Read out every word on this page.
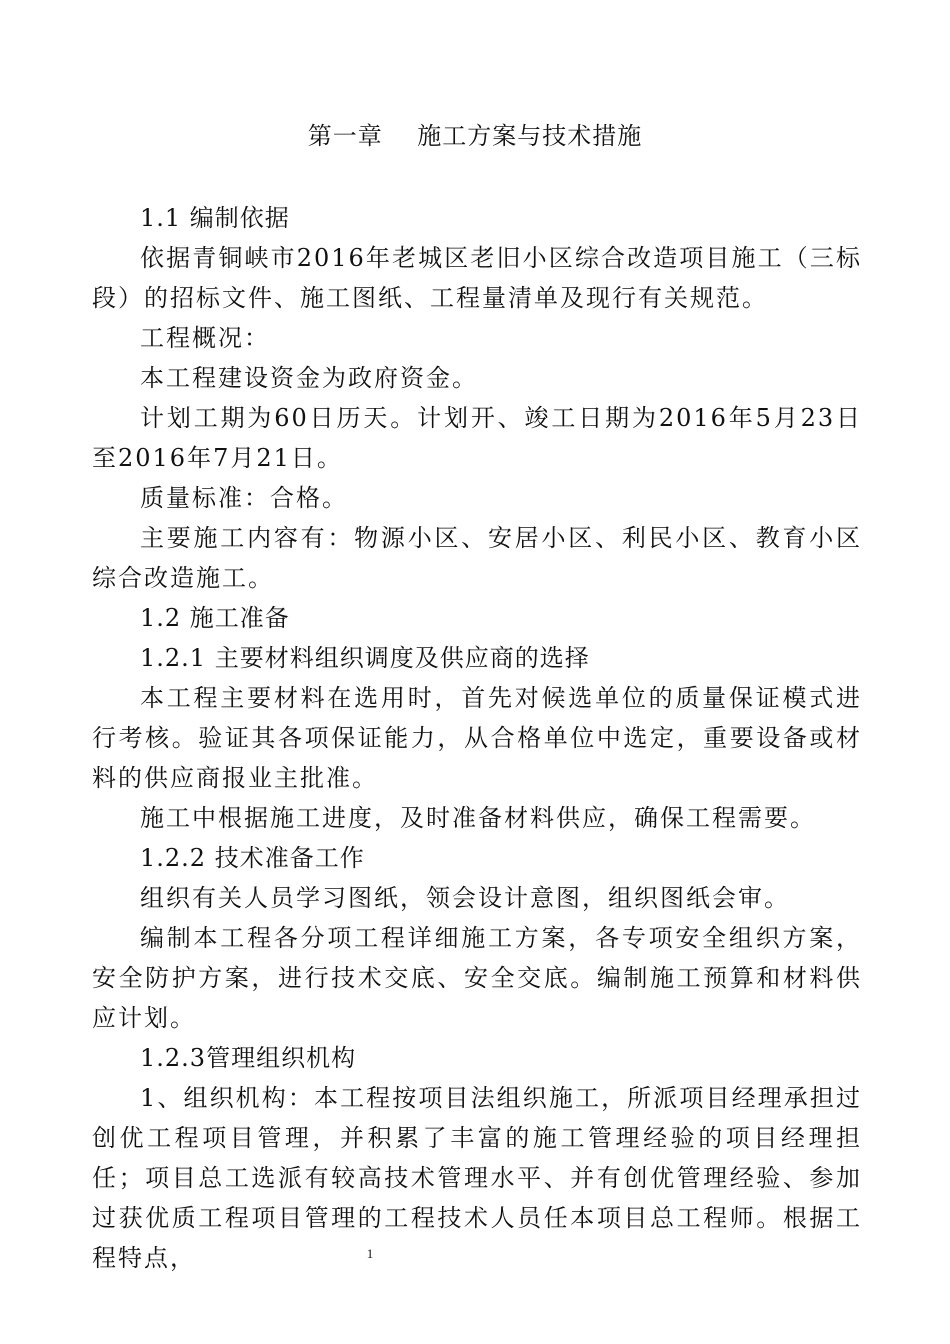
第一章    施工方案与技术措施

1.1 编制依据

依据青铜峡市2016年老城区老旧小区综合改造项目施工（三标段）的招标文件、施工图纸、工程量清单及现行有关规范。

工程概况：

本工程建设资金为政府资金。

计划工期为60日历天。计划开、竣工日期为2016年5月23日至2016年7月21日。

质量标准：合格。

主要施工内容有：物源小区、安居小区、利民小区、教育小区综合改造施工。

1.2 施工准备

1.2.1 主要材料组织调度及供应商的选择

本工程主要材料在选用时，首先对候选单位的质量保证模式进行考核。验证其各项保证能力，从合格单位中选定，重要设备或材料的供应商报业主批准。

施工中根据施工进度，及时准备材料供应，确保工程需要。

1.2.2 技术准备工作

组织有关人员学习图纸，领会设计意图，组织图纸会审。

编制本工程各分项工程详细施工方案，各专项安全组织方案，安全防护方案，进行技术交底、安全交底。编制施工预算和材料供应计划。

1.2.3管理组织机构

1、组织机构：本工程按项目法组织施工，所派项目经理承担过创优工程项目管理，并积累了丰富的施工管理经验的项目经理担任；项目总工选派有较高技术管理水平、并有创优管理经验、参加过获优质工程项目管理的工程技术人员任本项目总工程师。根据工程特点，	1
